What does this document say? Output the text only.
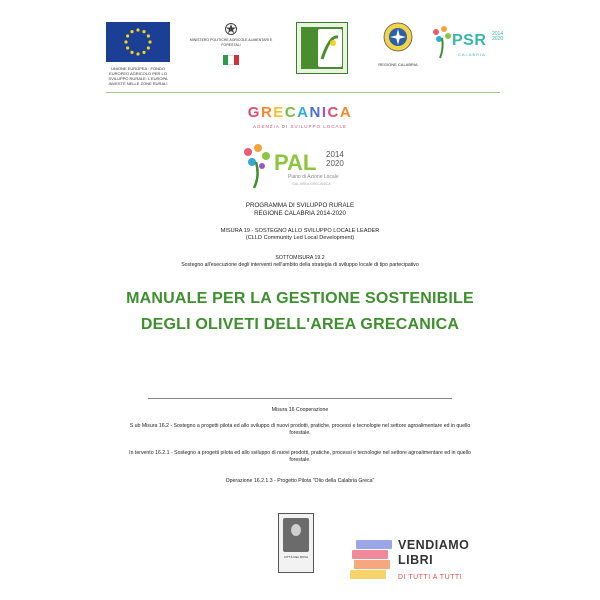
UNIONE EUROPEA · FONDO EUROPEO AGRICOLO PER LO SVILUPPO RURALE: L'EUROPA INVESTE NELLE ZONE RURALI
MINISTERO POLITICHE AGRICOLE ALIMENTARI E FORESTALI
REGIONE CALABRIA
PSR 2014 2020
CALABRIA
GRECANICA
AGENZIA DI SVILUPPO LOCALE
PAL 2014
2020
Piano di Azione Locale
GAL AREA GRECANICA
PROGRAMMA DI SVILUPPO RURALE
REGIONE CALABRIA 2014-2020
MISURA 19 - SOSTEGNO ALLO SVILUPPO LOCALE LEADER
(CLLD Community Led Local Development)
SOTTOMISURA 19.2
Sostegno all'esecuzione degli interventi nell'ambito della strategia di sviluppo locale di tipo partecipativo
MANUALE PER LA GESTIONE SOSTENIBILE
DEGLI OLIVETI DELL'AREA GRECANICA
Misura 16 Cooperazione
S ub Misura 16.2 - Sostegno a progetti pilota ed allo sviluppo di nuovi prodotti, pratiche, processi e tecnologie nel settore agroalimentare ed in quello forestale.
In tervento 16.2.1 - Sostegno a progetti pilota ed allo sviluppo di nuovi prodotti, pratiche, processi e tecnologie nel settore agroalimentare ed in quello forestale.
Operazione 16.2.1.3 - Progetto Pilota "Olio della Calabria Greca"
CITTÀ DEL BOVA
VENDIAMO
LIBRI
DI TUTTI A TUTTI
